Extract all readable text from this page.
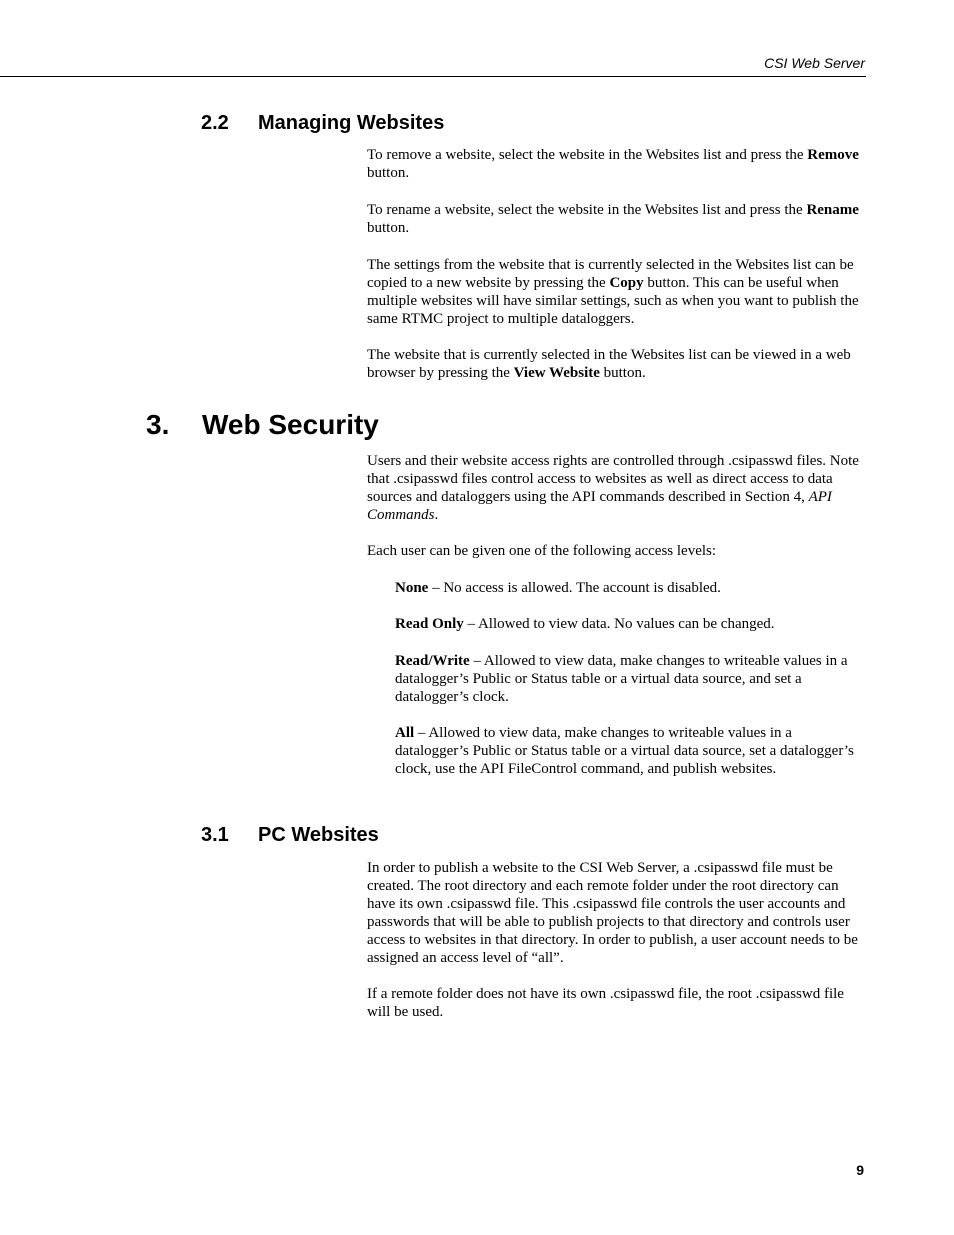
CSI Web Server
2.2 Managing Websites

To remove a website, select the website in the Websites list and press the Remove button.

To rename a website, select the website in the Websites list and press the Rename button.

The settings from the website that is currently selected in the Websites list can be copied to a new website by pressing the Copy button. This can be useful when multiple websites will have similar settings, such as when you want to publish the same RTMC project to multiple dataloggers.

The website that is currently selected in the Websites list can be viewed in a web browser by pressing the View Website button.

3. Web Security

Users and their website access rights are controlled through .csipasswd files. Note that .csipasswd files control access to websites as well as direct access to data sources and dataloggers using the API commands described in Section 4, API Commands.

Each user can be given one of the following access levels:

None – No access is allowed. The account is disabled.

Read Only – Allowed to view data. No values can be changed.

Read/Write – Allowed to view data, make changes to writeable values in a datalogger’s Public or Status table or a virtual data source, and set a datalogger’s clock.

All – Allowed to view data, make changes to writeable values in a datalogger’s Public or Status table or a virtual data source, set a datalogger’s clock, use the API FileControl command, and publish websites.

3.1 PC Websites

In order to publish a website to the CSI Web Server, a .csipasswd file must be created. The root directory and each remote folder under the root directory can have its own .csipasswd file. This .csipasswd file controls the user accounts and passwords that will be able to publish projects to that directory and controls user access to websites in that directory. In order to publish, a user account needs to be assigned an access level of “all”.

If a remote folder does not have its own .csipasswd file, the root .csipasswd file will be used.

9
